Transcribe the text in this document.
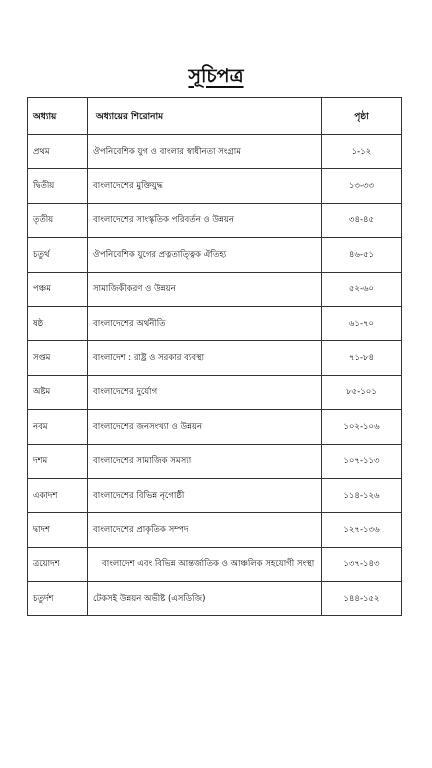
সূচিপত্র
অধ্যায়	অধ্যায়ের শিরোনাম	পৃষ্ঠা
প্রথম	ঔপনিবেশিক যুগ ও বাংলার স্বাধীনতা সংগ্রাম	১-১২
দ্বিতীয়	বাংলাদেশের মুক্তিযুদ্ধ	১৩-৩৩
তৃতীয়	বাংলাদেশের সাংস্কৃতিক পরিবর্তন ও উন্নয়ন	৩৪-৪৫
চতুর্থ	ঔপনিবেশিক যুগের প্রত্নতাত্ত্বিক ঐতিহ্য	৪৬-৫১
পঞ্চম	সামাজিকীকরণ ও উন্নয়ন	৫২-৬০
ষষ্ঠ	বাংলাদেশের অর্থনীতি	৬১-৭০
সপ্তম	বাংলাদেশ : রাষ্ট্র ও সরকার ব্যবস্থা	৭১-৮৪
অষ্টম	বাংলাদেশের দুর্যোগ	৮৫-১০১
নবম	বাংলাদেশের জনসংখ্যা ও উন্নয়ন	১০২-১০৬
দশম	বাংলাদেশের সামাজিক সমস্যা	১০৭-১১৩
একাদশ	বাংলাদেশের বিভিন্ন নৃগোষ্ঠী	১১৪-১২৬
দ্বাদশ	বাংলাদেশের প্রাকৃতিক সম্পদ	১২৭-১৩৬
ত্রয়োদশ	বাংলাদেশ এবং বিভিন্ন আন্তর্জাতিক ও আঞ্চলিক সহযোগী সংস্থা	১৩৭-১৪৩
চতুর্দশ	টেকসই উন্নয়ন অভীষ্ট (এসডিজি)	১৪৪-১৫২
